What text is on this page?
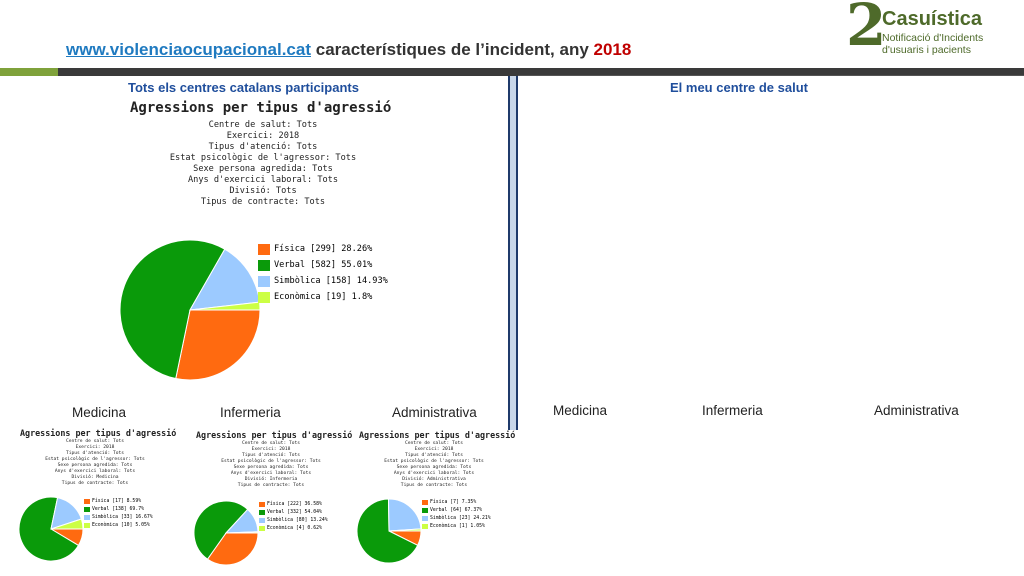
www.violenciaocupacional.cat característiques de l’incident, any 2018	2
Casuística
Notificació d'Incidents
d'usuaris i pacients
Tots els centres catalans participants	El meu centre de salut
Agressions per tipus d'agressió
Centre de salut: Tots
Exercici: 2018
Tipus d'atenció: Tots
Estat psicològic de l'agressor: Tots
Sexe persona agredida: Tots
Anys d'exercici laboral: Tots
Divisió: Tots
Tipus de contracte: Tots
Física [299] 28.26%
Verbal [582] 55.01%
Simbòlica [158] 14.93%
Econòmica [19] 1.8%
Medicina	Infermeria	Administrativa	Medicina	Infermeria	Administrativa
Agressions per tipus d'agressió
Centre de salut: Tots
Exercici: 2018
Tipus d'atenció: Tots
Estat psicològic de l'agressor: Tots
Sexe persona agredida: Tots
Anys d'exercici laboral: Tots
Divisió: Medicina
Tipus de contracte: Tots
Física [17] 8.59%
Verbal [138] 69.7%
Simbòlica [33] 16.67%
Econòmica [10] 5.05%
Agressions per tipus d'agressió
Centre de salut: Tots
Exercici: 2018
Tipus d'atenció: Tots
Estat psicològic de l'agressor: Tots
Sexe persona agredida: Tots
Anys d'exercici laboral: Tots
Divisió: Infermeria
Tipus de contracte: Tots
Física [222] 36.58%
Verbal [332] 54.04%
Simbòlica [80] 13.24%
Econòmica [4] 0.62%
Agressions per tipus d'agressió
Centre de salut: Tots
Exercici: 2018
Tipus d'atenció: Tots
Estat psicològic de l'agressor: Tots
Sexe persona agredida: Tots
Anys d'exercici laboral: Tots
Divisió: Administrativa
Tipus de contracte: Tots
Física [7] 7.35%
Verbal [64] 67.37%
Simbòlica [23] 24.21%
Econòmica [1] 1.05%
